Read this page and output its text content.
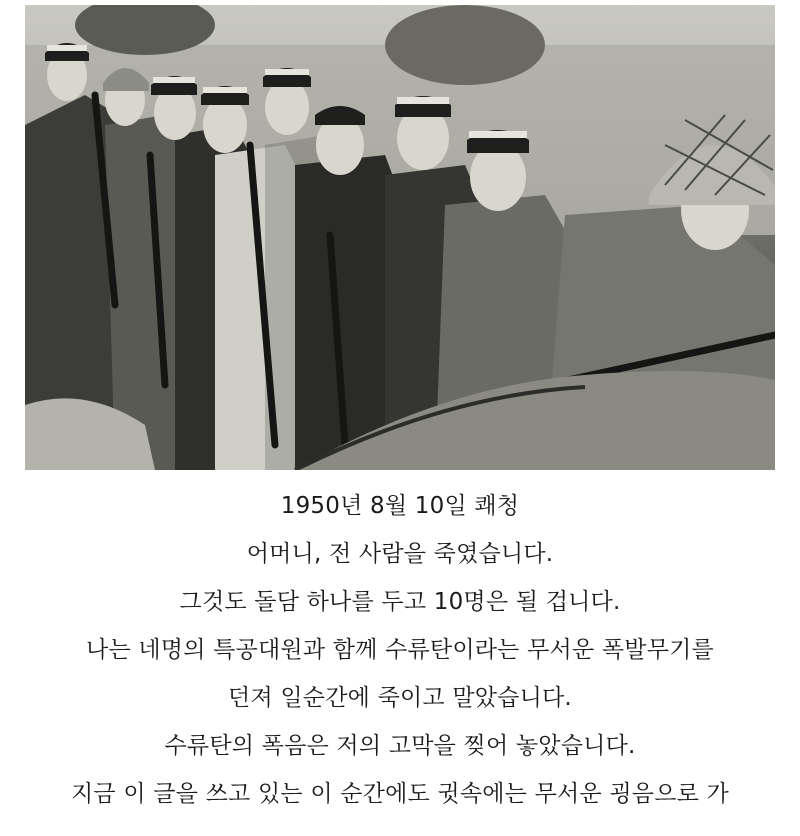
1950년 8월 10일 쾌청
어머니, 전 사람을 죽였습니다.
그것도 돌담 하나를 두고 10명은 될 겁니다.
나는 네명의 특공대원과 함께 수류탄이라는 무서운 폭발무기를
던져 일순간에 죽이고 말았습니다.
수류탄의 폭음은 저의 고막을 찢어 놓았습니다.
지금 이 글을 쓰고 있는 이 순간에도 귓속에는 무서운 굉음으로 가
